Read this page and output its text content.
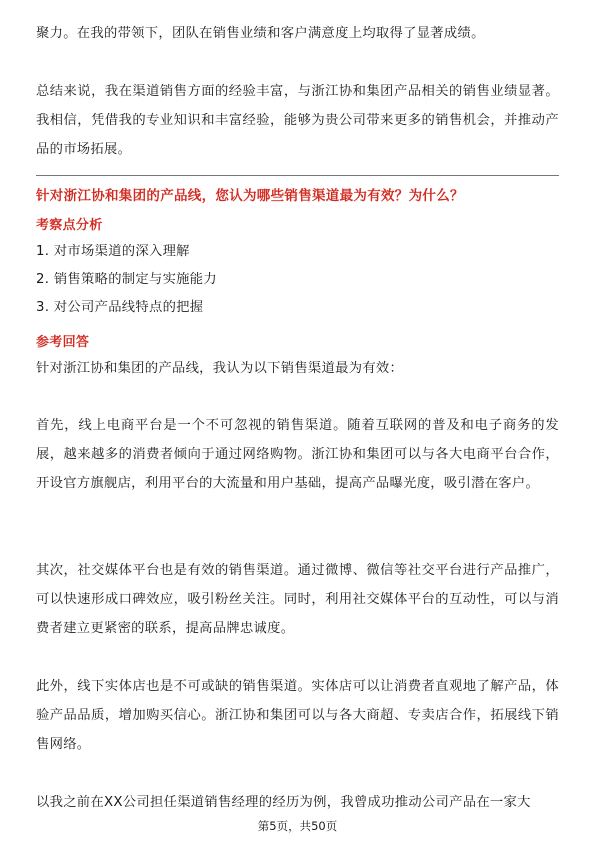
聚力。在我的带领下，团队在销售业绩和客户满意度上均取得了显著成绩。

总结来说，我在渠道销售方面的经验丰富，与浙江协和集团产品相关的销售业绩显著。我相信，凭借我的专业知识和丰富经验，能够为贵公司带来更多的销售机会，并推动产品的市场拓展。

针对浙江协和集团的产品线，您认为哪些销售渠道最为有效？为什么？

考察点分析

1. 对市场渠道的深入理解

2. 销售策略的制定与实施能力

3. 对公司产品线特点的把握

参考回答

针对浙江协和集团的产品线，我认为以下销售渠道最为有效：

首先，线上电商平台是一个不可忽视的销售渠道。随着互联网的普及和电子商务的发展，越来越多的消费者倾向于通过网络购物。浙江协和集团可以与各大电商平台合作，开设官方旗舰店，利用平台的大流量和用户基础，提高产品曝光度，吸引潜在客户。

其次，社交媒体平台也是有效的销售渠道。通过微博、微信等社交平台进行产品推广，可以快速形成口碑效应，吸引粉丝关注。同时，利用社交媒体平台的互动性，可以与消费者建立更紧密的联系，提高品牌忠诚度。

此外，线下实体店也是不可或缺的销售渠道。实体店可以让消费者直观地了解产品，体验产品品质，增加购买信心。浙江协和集团可以与各大商超、专卖店合作，拓展线下销售网络。

以我之前在XX公司担任渠道销售经理的经历为例，我曾成功推动公司产品在一家大

第5页，共50页
